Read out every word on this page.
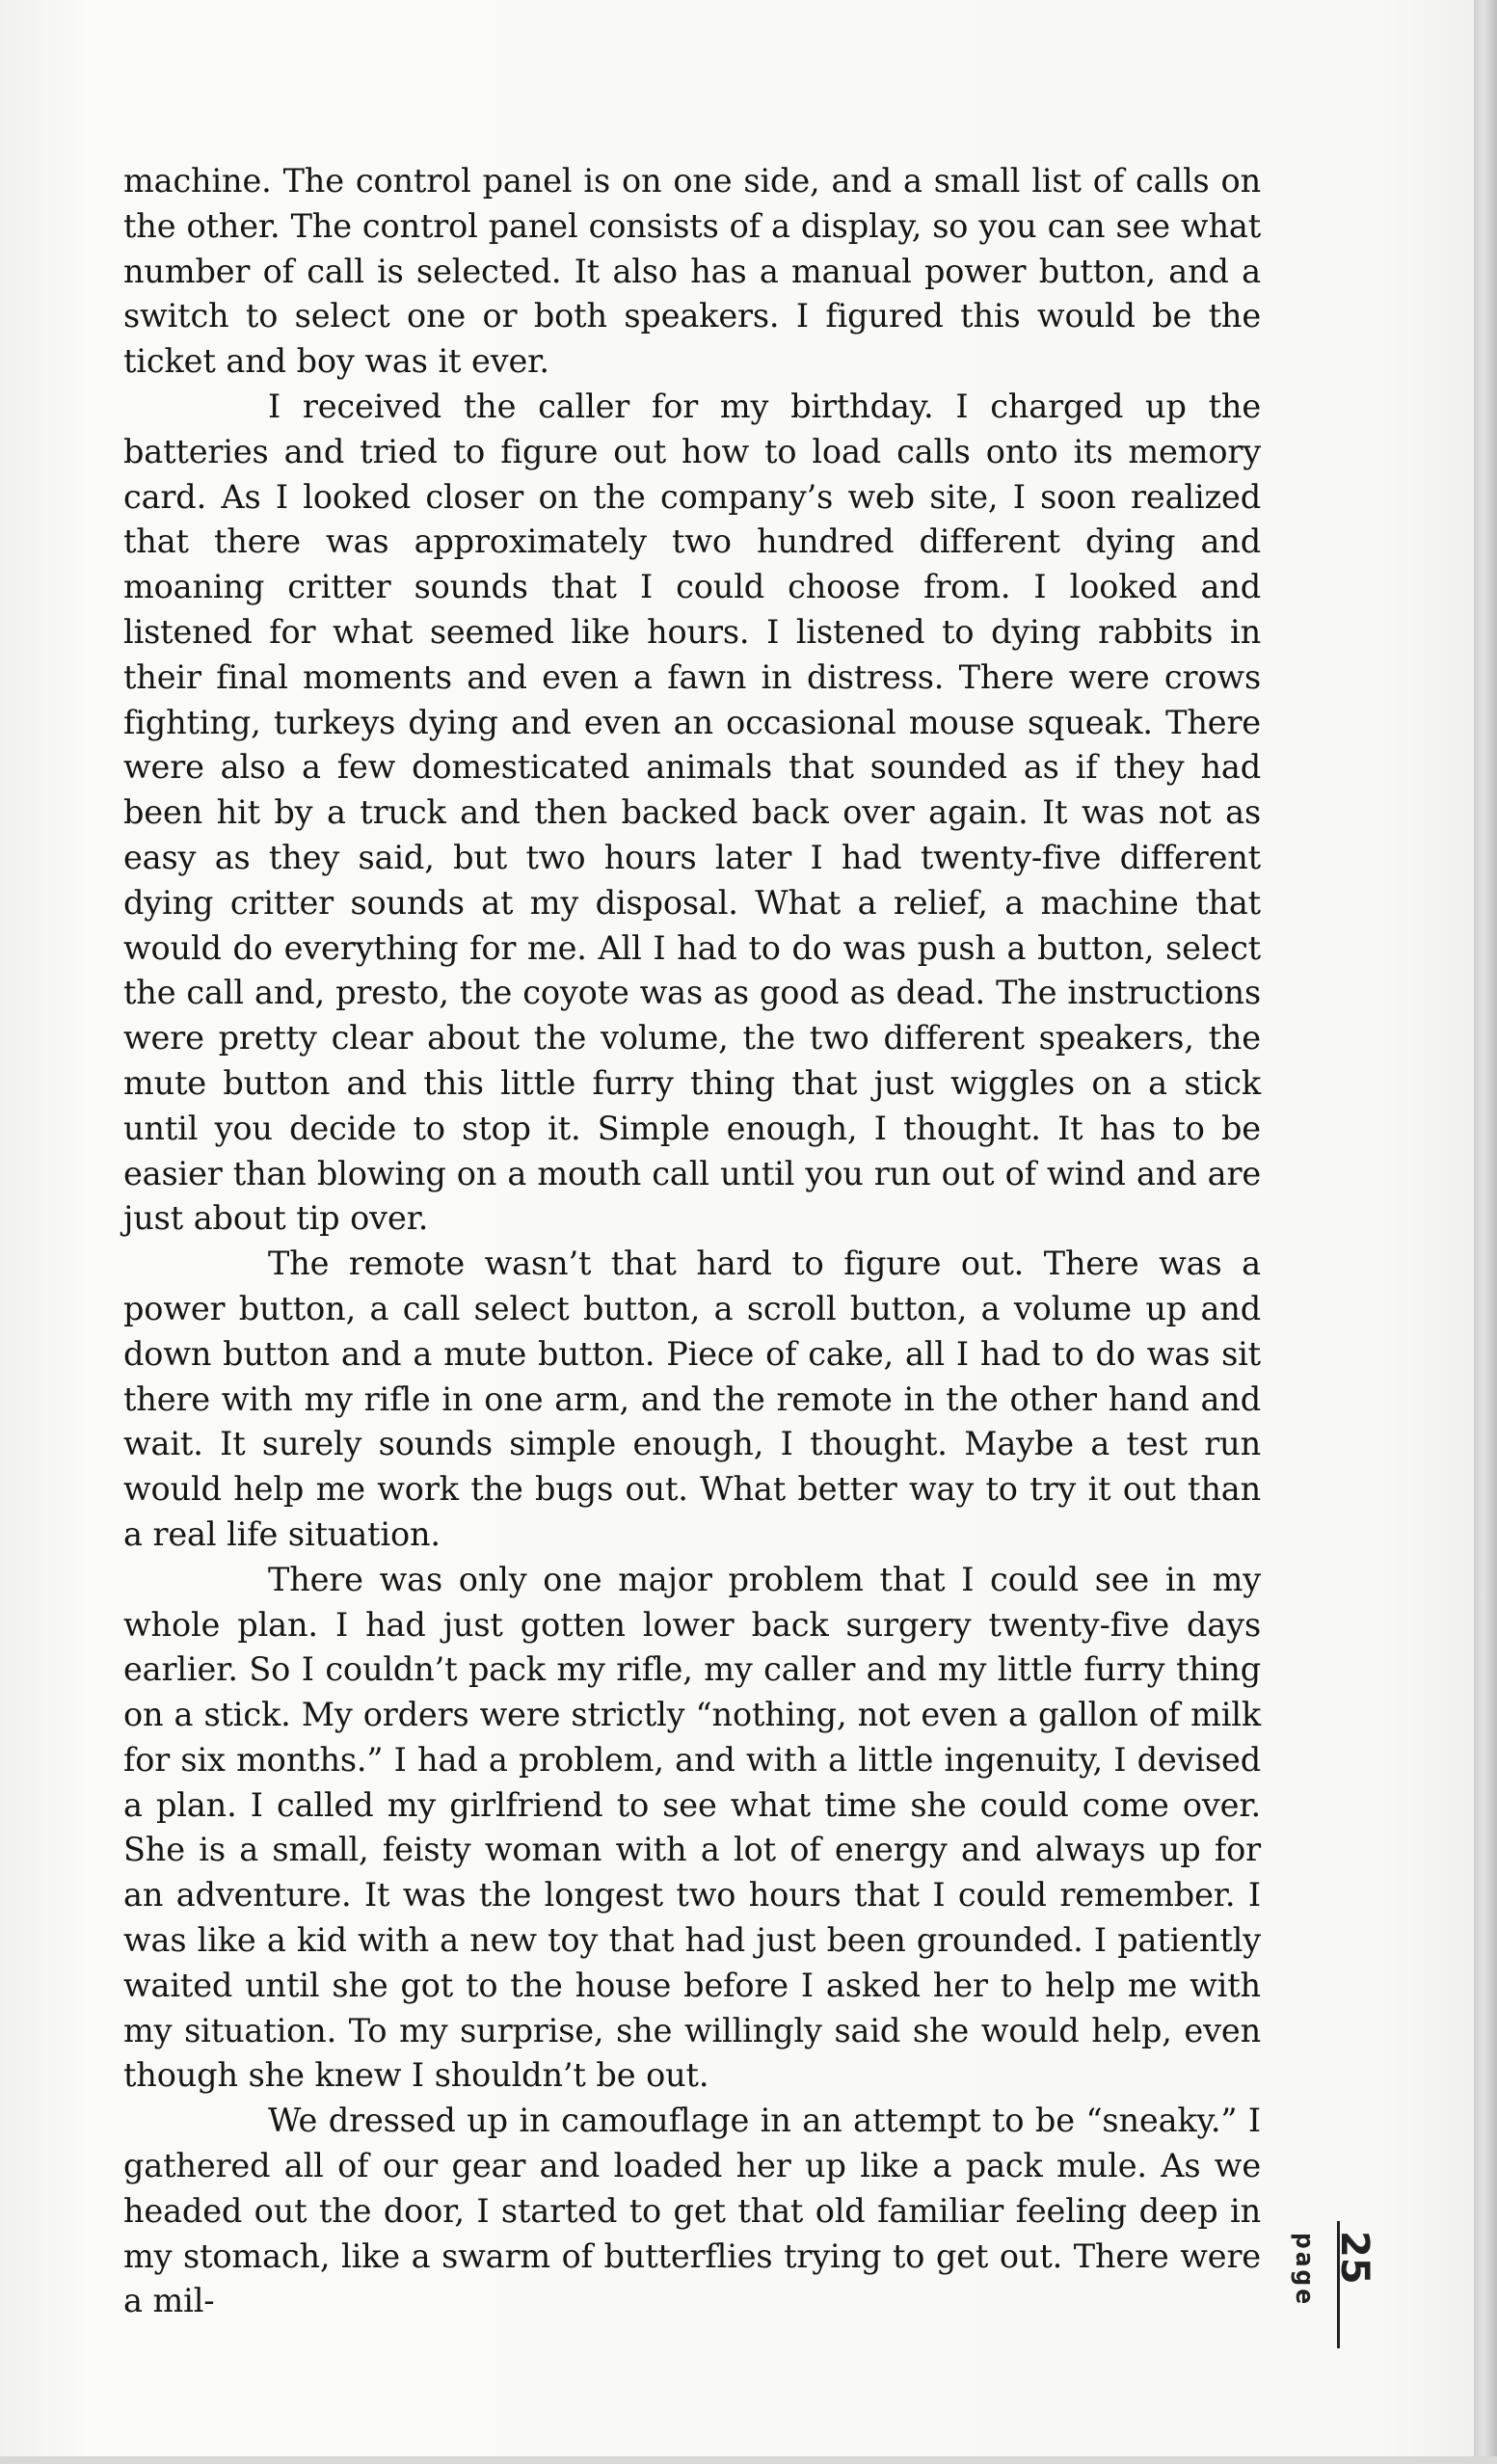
machine. The control panel is on one side, and a small list of calls on the other. The control panel consists of a display, so you can see what number of call is selected. It also has a manual power button, and a switch to select one or both speakers. I figured this would be the ticket and boy was it ever.

I received the caller for my birthday. I charged up the batteries and tried to figure out how to load calls onto its memory card. As I looked closer on the company’s web site, I soon realized that there was approximately two hundred different dying and moaning critter sounds that I could choose from. I looked and listened for what seemed like hours. I listened to dying rabbits in their final moments and even a fawn in distress. There were crows fighting, turkeys dying and even an occasional mouse squeak. There were also a few domesticated animals that sounded as if they had been hit by a truck and then backed back over again. It was not as easy as they said, but two hours later I had twenty-five different dying critter sounds at my disposal. What a relief, a machine that would do everything for me. All I had to do was push a button, select the call and, presto, the coyote was as good as dead. The instructions were pretty clear about the volume, the two different speakers, the mute button and this little furry thing that just wiggles on a stick until you decide to stop it. Simple enough, I thought. It has to be easier than blowing on a mouth call until you run out of wind and are just about tip over.

The remote wasn’t that hard to figure out. There was a power button, a call select button, a scroll button, a volume up and down button and a mute button. Piece of cake, all I had to do was sit there with my rifle in one arm, and the remote in the other hand and wait. It surely sounds simple enough, I thought. Maybe a test run would help me work the bugs out. What better way to try it out than a real life situation.

There was only one major problem that I could see in my whole plan. I had just gotten lower back surgery twenty-five days earlier. So I couldn’t pack my rifle, my caller and my little furry thing on a stick. My orders were strictly “nothing, not even a gallon of milk for six months.” I had a problem, and with a little ingenuity, I devised a plan. I called my girlfriend to see what time she could come over. She is a small, feisty woman with a lot of energy and always up for an adventure. It was the longest two hours that I could remember. I was like a kid with a new toy that had just been grounded. I patiently waited until she got to the house before I asked her to help me with my situation. To my surprise, she willingly said she would help, even though she knew I shouldn’t be out.

We dressed up in camouflage in an attempt to be “sneaky.” I gathered all of our gear and loaded her up like a pack mule. As we headed out the door, I started to get that old familiar feeling deep in my stomach, like a swarm of butterflies trying to get out. There were a mil-	page 25
